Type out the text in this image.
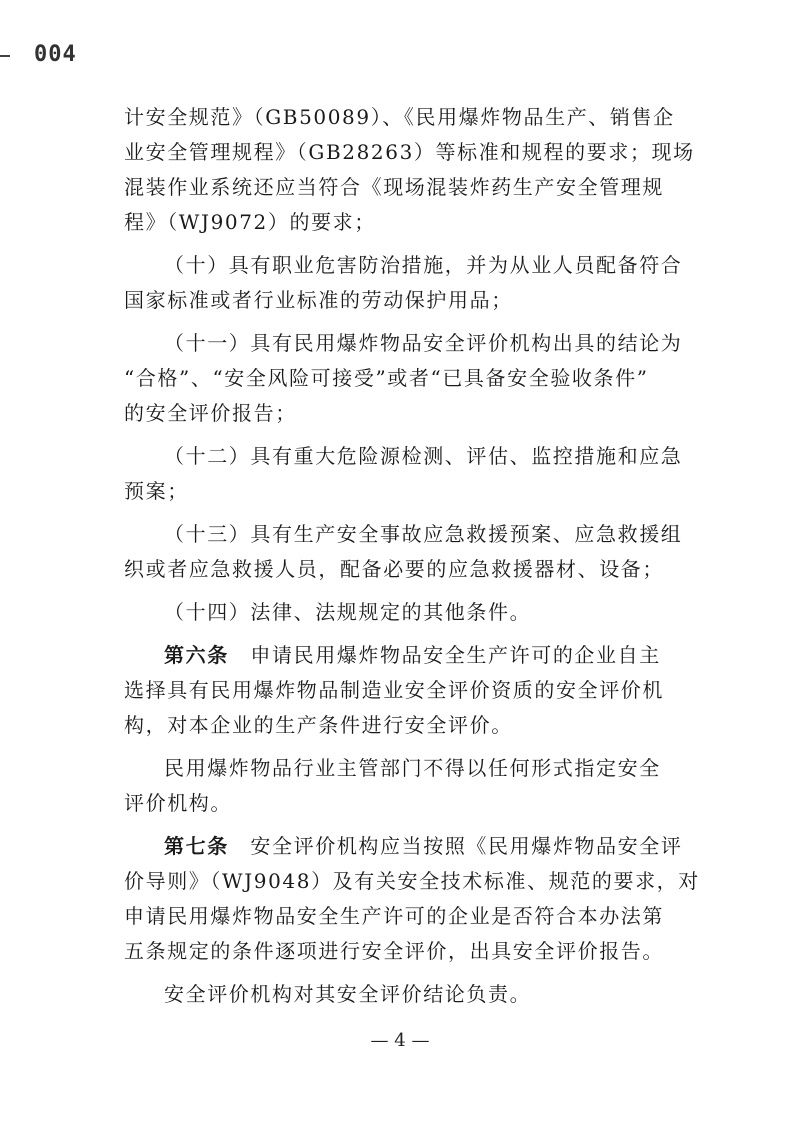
004
计安全规范》（GB50089）、《民用爆炸物品生产、销售企
业安全管理规程》（GB28263）等标准和规程的要求；现场
混装作业系统还应当符合《现场混装炸药生产安全管理规
程》（WJ9072）的要求；
（十）具有职业危害防治措施，并为从业人员配备符合
国家标准或者行业标准的劳动保护用品；
（十一）具有民用爆炸物品安全评价机构出具的结论为
“合格”、“安全风险可接受”或者“已具备安全验收条件”
的安全评价报告；
（十二）具有重大危险源检测、评估、监控措施和应急
预案；
（十三）具有生产安全事故应急救援预案、应急救援组
织或者应急救援人员，配备必要的应急救援器材、设备；
（十四）法律、法规规定的其他条件。
第六条　 申请民用爆炸物品安全生产许可的企业自主
选择具有民用爆炸物品制造业安全评价资质的安全评价机
构，对本企业的生产条件进行安全评价。
民用爆炸物品行业主管部门不得以任何形式指定安全
评价机构。
第七条　 安全评价机构应当按照《民用爆炸物品安全评
价导则》（WJ9048）及有关安全技术标准、规范的要求，对
申请民用爆炸物品安全生产许可的企业是否符合本办法第
五条规定的条件逐项进行安全评价，出具安全评价报告。
安全评价机构对其安全评价结论负责。
— 4 —
